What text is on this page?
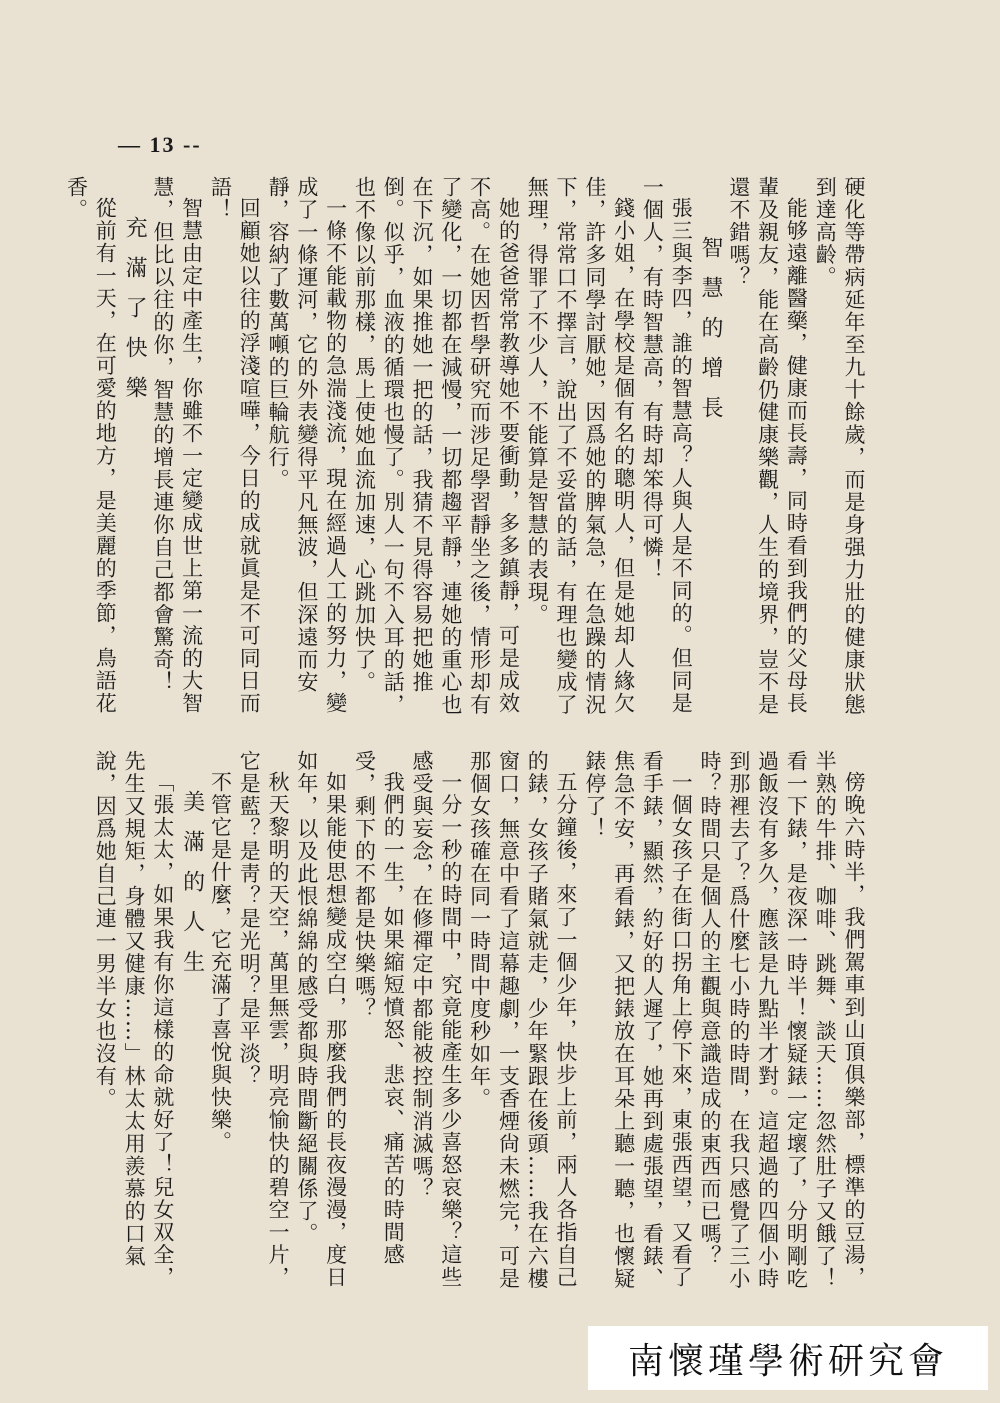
— 13 --

硬化等帶病延年至九十餘歲，而是身强力壯的健康狀態到達高齡。

能够遠離醫藥，健康而長壽，同時看到我們的父母長輩及親友，能在高齡仍健康樂觀，人生的境界，豈不是還不錯嗎？

智慧的增長

張三與李四，誰的智慧高？人與人是不同的。但同是一個人，有時智慧高，有時却笨得可憐！

錢小姐，在學校是個有名的聰明人，但是她却人緣欠佳，許多同學討厭她，因爲她的脾氣急，在急躁的情況下，常常口不擇言，說出了不妥當的話，有理也變成了無理，得罪了不少人，不能算是智慧的表現。

她的爸爸常常教導她不要衝動，多多鎮靜，可是成效不高。在她因哲學研究而涉足學習靜坐之後，情形却有了變化，一切都在減慢，一切都趨平靜，連她的重心也在下沉，如果推她一把的話，我猜不見得容易把她推倒。似乎，血液的循環也慢了。別人一句不入耳的話，也不像以前那樣，馬上使她血流加速，心跳加快了。

一條不能載物的急湍淺流，現在經過人工的努力，變成了一條運河，它的外表變得平凡無波，但深遠而安靜，容納了數萬噸的巨輪航行。

回顧她以往的浮淺喧嘩，今日的成就眞是不可同日而語！

智慧由定中產生，你雖不一定變成世上第一流的大智慧，但比以往的你，智慧的增長連你自己都會驚奇！

充滿了快樂

從前有一天，在可愛的地方，是美麗的季節，鳥語花香。

傍晚六時半，我們駕車到山頂俱樂部，標準的豆湯，半熟的牛排、咖啡、跳舞、談天……忽然肚子又餓了！看一下錶，是夜深一時半！懷疑錶一定壞了，分明剛吃過飯沒有多久，應該是九點半才對。這超過的四個小時到那裡去了？爲什麼七小時的時間，在我只感覺了三小時？時間只是個人的主觀與意識造成的東西而已嗎？

一個女孩子在街口拐角上停下來，東張西望，又看了看手錶，顯然，約好的人遲了，她再到處張望，看錶、焦急不安，再看錶，又把錶放在耳朵上聽一聽，也懷疑錶停了！

五分鐘後，來了一個少年，快步上前，兩人各指自己的錶，女孩子賭氣就走，少年緊跟在後頭……我在六樓窗口，無意中看了這幕趣劇，一支香煙尙未燃完，可是那個女孩確在同一時間中度秒如年。

一分一秒的時間中，究竟能產生多少喜怒哀樂？這些感受與妄念，在修禪定中都能被控制消滅嗎？

我們的一生，如果縮短憤怒、悲哀、痛苦的時間感受，剩下的不都是快樂嗎？

如果能使思想變成空白，那麼我們的長夜漫漫，度日如年，以及此恨綿綿的感受都與時間斷絕關係了。

秋天黎明的天空，萬里無雲，明亮愉快的碧空一片，它是藍？是靑？是光明？是平淡？

不管它是什麼，它充滿了喜悅與快樂。

美滿的人生

「張太太，如果我有你這樣的命就好了！兒女双全，先生又規矩，身體又健康……」林太太用羨慕的口氣說，因爲她自己連一男半女也沒有。

南懷瑾學術研究會
